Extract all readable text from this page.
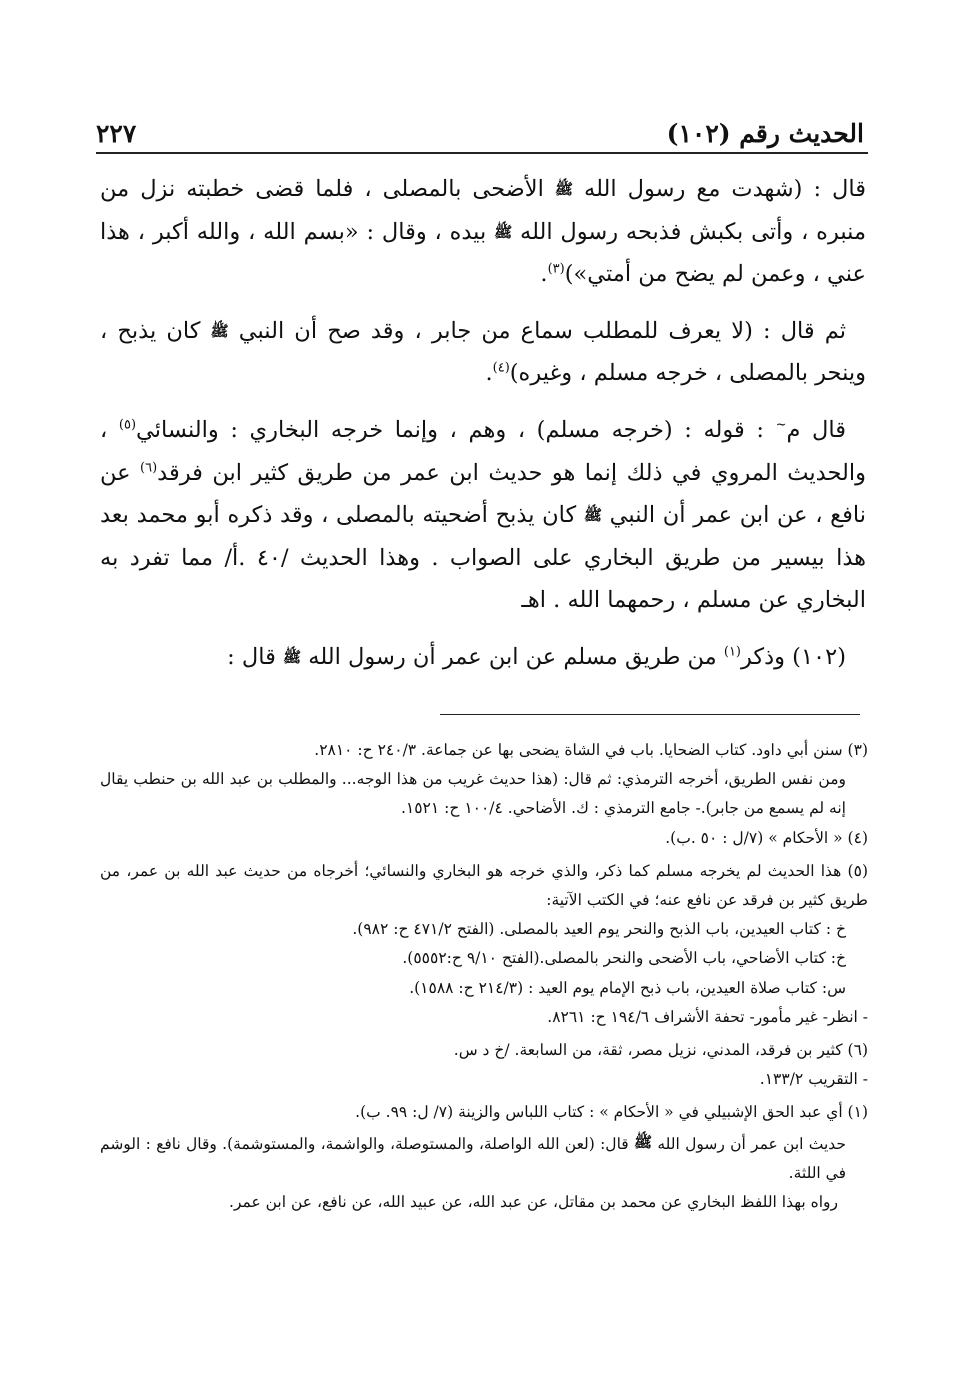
الحديث رقم (١٠٢)
٢٢٧

قال : (شهدت مع رسول الله ﷺ الأضحى بالمصلى ، فلما قضى خطبته نزل من منبره ، وأتى بكبش فذبحه رسول الله ﷺ بيده ، وقال : «بسم الله ، والله أكبر ، هذا عني ، وعمن لم يضح من أمتي»)$^{(٣)}$.

ثم قال : (لا يعرف للمطلب سماع من جابر ، وقد صح أن النبي ﷺ كان يذبح ، وينحر بالمصلى ، خرجه مسلم ، وغيره)$^{(٤)}$.

قال م~ : قوله : (خرجه مسلم) ، وهم ، وإنما خرجه البخاري : والنسائي$^{(٥)}$ ، والحديث المروي في ذلك إنما هو حديث ابن عمر من طريق كثير ابن فرقد$^{(٦)}$ عن نافع ، عن ابن عمر أن النبي ﷺ كان يذبح أضحيته بالمصلى ، وقد ذكره أبو محمد بعد هذا بيسير من طريق البخاري على الصواب . وهذا الحديث /٤٠ .أ/ مما تفرد به البخاري عن مسلم ، رحمهما الله . اهـ

(١٠٢) وذكر$^{(١)}$ من طريق مسلم عن ابن عمر أن رسول الله ﷺ قال :

(٣) سنن أبي داود. كتاب الضحايا. باب في الشاة يضحى بها عن جماعة. ٢٤٠/٣ ح: ٢٨١٠.

ومن نفس الطريق، أخرجه الترمذي: ثم قال: (هذا حديث غريب من هذا الوجه... والمطلب بن عبد الله بن حنطب يقال إنه لم يسمع من جابر).- جامع الترمذي : ك. الأضاحي. ١٠٠/٤ ح: ١٥٢١.

(٤) « الأحكام » (٧/ل : ٥٠ .ب).

(٥) هذا الحديث لم يخرجه مسلم كما ذكر، والذي خرجه هو البخاري والنسائي؛ أخرجاه من حديث عبد الله بن عمر، من طريق كثير بن فرقد عن نافع عنه؛ في الكتب الآتية:

خ : كتاب العيدين، باب الذبح والنحر يوم العيد بالمصلى. (الفتح ٤٧١/٢ ح: ٩٨٢).

خ: كتاب الأضاحي، باب الأضحى والنحر بالمصلى.(الفتح ٩/١٠ ح:٥٥٥٢).

س: كتاب صلاة العيدين، باب ذبح الإمام يوم العيد : (٢١٤/٣ ح: ١٥٨٨).

- انظر- غير مأمور- تحفة الأشراف ١٩٤/٦ ح: ٨٢٦١.

(٦) كثير بن فرقد، المدني، نزيل مصر، ثقة، من السابعة. /خ د س.

- التقريب ١٣٣/٢.

(١) أي عبد الحق الإشبيلي في « الأحكام » : كتاب اللباس والزينة (٧/ ل: ٩٩. ب).

حديث ابن عمر أن رسول الله ﷺ قال: (لعن الله الواصلة، والمستوصلة، والواشمة، والمستوشمة). وقال نافع : الوشم في اللثة.

رواه بهذا اللفظ البخاري عن محمد بن مقاتل، عن عبد الله، عن عبيد الله، عن نافع، عن ابن عمر.
